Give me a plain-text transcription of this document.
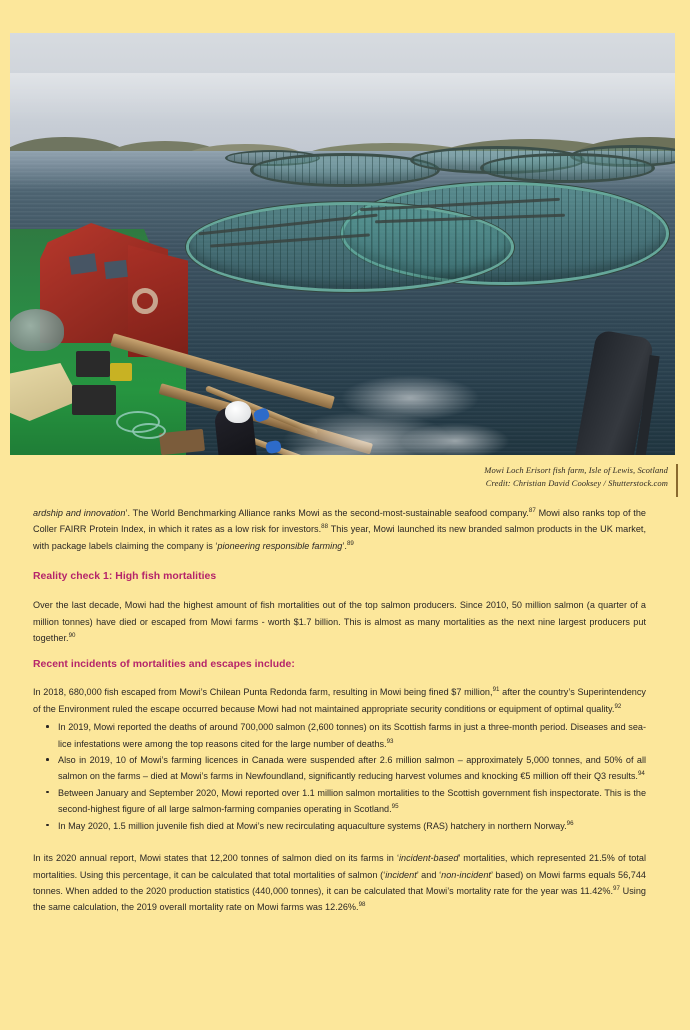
Mowi Loch Erisort fish farm, Isle of Lewis, Scotland
Credit: Christian David Cooksey / Shutterstock.com

ardship and innovation’. The World Benchmarking Alliance ranks Mowi as the second-most-sustainable seafood company.$^{87}$ Mowi also ranks top of the Coller FAIRR Protein Index, in which it rates as a low risk for investors.$^{88}$ This year, Mowi launched its new branded salmon products in the UK market, with package labels claiming the company is ‘pioneering responsible farming’.$^{89}$

Reality check 1: High fish mortalities

Over the last decade, Mowi had the highest amount of fish mortalities out of the top salmon producers. Since 2010, 50 million salmon (a quarter of a million tonnes) have died or escaped from Mowi farms - worth $1.7 billion. This is almost as many mortalities as the next nine largest producers put together.$^{90}$

Recent incidents of mortalities and escapes include:

In 2018, 680,000 fish escaped from Mowi’s Chilean Punta Redonda farm, resulting in Mowi being fined $7 million,$^{91}$ after the country’s Superintendency of the Environment ruled the escape occurred because Mowi had not maintained appropriate security conditions or equipment of optimal quality.$^{92}$

In 2019, Mowi reported the deaths of around 700,000 salmon (2,600 tonnes) on its Scottish farms in just a three-month period. Diseases and sea-lice infestations were among the top reasons cited for the large number of deaths.$^{93}$
Also in 2019, 10 of Mowi’s farming licences in Canada were suspended after 2.6 million salmon – approximately 5,000 tonnes, and 50% of all salmon on the farms – died at Mowi’s farms in Newfoundland, significantly reducing harvest volumes and knocking €5 million off their Q3 results.$^{94}$
Between January and September 2020, Mowi reported over 1.1 million salmon mortalities to the Scottish government fish inspectorate. This is the second-highest figure of all large salmon-farming companies operating in Scotland.$^{95}$
In May 2020, 1.5 million juvenile fish died at Mowi’s new recirculating aquaculture systems (RAS) hatchery in northern Norway.$^{96}$

In its 2020 annual report, Mowi states that 12,200 tonnes of salmon died on its farms in ‘incident-based’ mortalities, which represented 21.5% of total mortalities. Using this percentage, it can be calculated that total mortalities of salmon (‘incident’ and ‘non-incident’ based) on Mowi farms equals 56,744 tonnes. When added to the 2020 production statistics (440,000 tonnes), it can be calculated that Mowi’s mortality rate for the year was 11.42%.$^{97}$ Using the same calculation, the 2019 overall mortality rate on Mowi farms was 12.26%.$^{98}$
